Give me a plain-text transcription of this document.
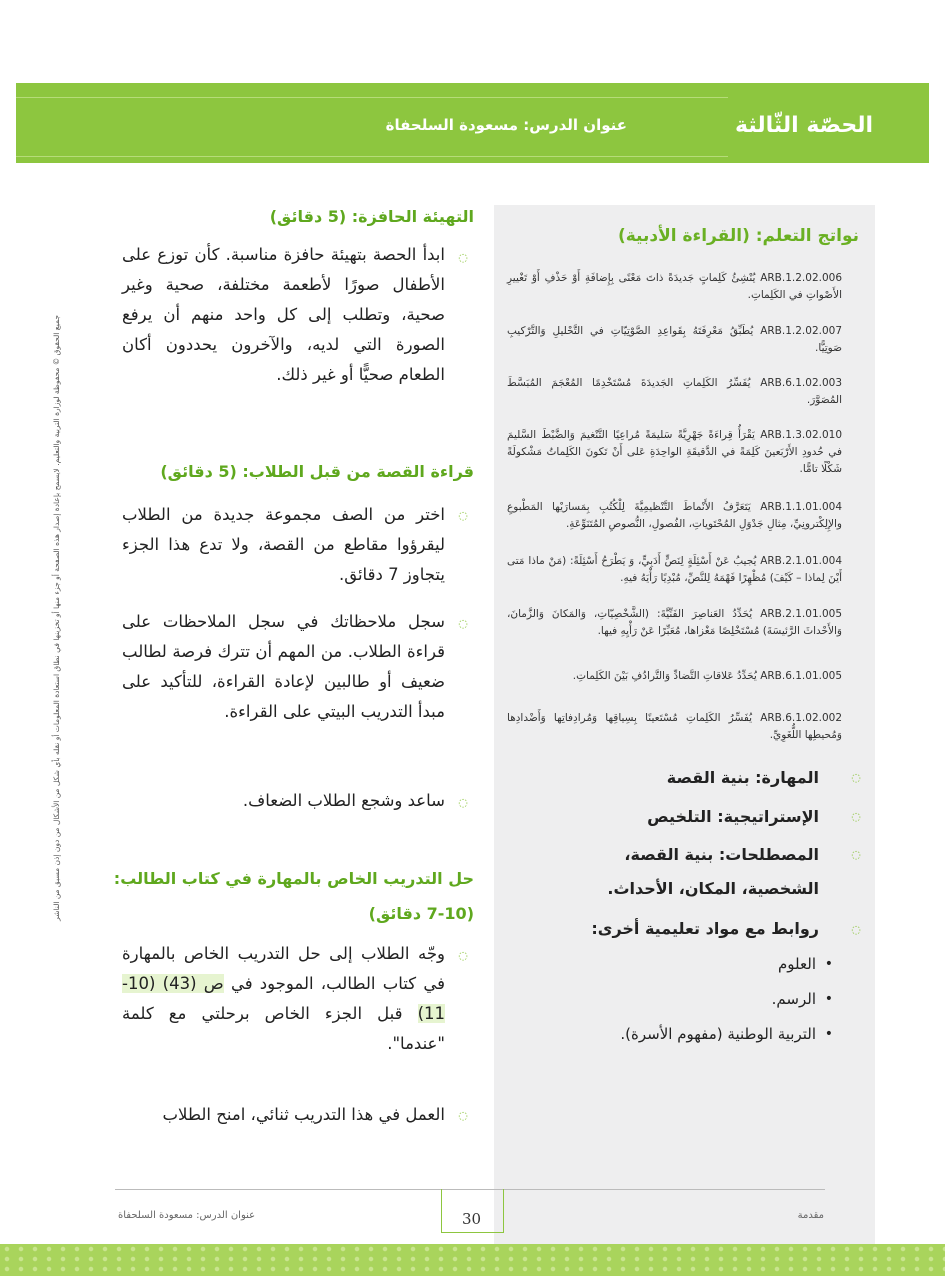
الحصّة الثّالثة
عنوان الدرس: مسعودة السلحفاة
جميع الحقوق © محفوظة لوزارة التربية والتعليم. لايسمح بإعادة إصدار هذه الصفحة أو جزء منها أو تخزينها في نطاق استعادة المعلومات أو نقله بأي شكل من الأشكال من دون إذن مسبق من الناشر
نواتج التعلم: (القراءة الأدبية)
ARB.1.2.02.006 يُنْشِئُ كَلِماتٍ جَديدَةً ذاتَ مَعْنًى بِإِضافَةِ أَوْ حَذْفِ أَوْ تَغْييرِ الأَصْواتِ في الكَلِماتِ.
ARB.1.2.02.007 يُطَبِّقُ مَعْرِفَتَهُ بِقَواعِدِ الصَّوْتِيّاتِ في التَّحْليلِ وَالتَّرْكيبِ صَوتِيًّا.
ARB.6.1.02.003 يُفَسِّرُ الكَلِماتِ الجَديدَةَ مُسْتَخْدِمًا المُعْجَمَ المُبَسَّطَ المُصَوَّرَ.
ARB.1.3.02.010 يَقْرَأُ قِراءَةً جَهْرِيَّةً سَليمَةً مُراعِيًا التَّنْغيمَ وَالضَّبْطَ السَّليمَ في حُدودِ الأَرْبَعينَ كَلِمَةً في الدَّقيقَةِ الواحِدَةِ عَلى أَنْ تَكونَ الكَلِماتُ مَشْكولَةً شَكْلًا تامًّا.
ARB.1.1.01.004 يَتَعَرَّفُ الأَنْماطَ التَّنْظيمِيَّةَ لِلْكُتُبِ بِمَسارَيْها المَطْبوعِ والإِلِكْترونِيِّ، مِثالِ جَدْوَلِ المُحْتَوياتِ، الفُصولِ، النُّصوصِ المُتَنَوِّعَةِ.
ARB.2.1.01.004 يُجيبُ عَنْ أَسْئِلَةٍ لِنَصٍّ أَدَبِيٍّ، وَ يَطْرَحُ أَسْئِلَةً: (مَنْ ماذا مَتى أَيْنَ لِماذا – كَيْفَ) مُظْهِرًا فَهْمَهُ لِلنَّصِّ، مُبْدِيًا رَأْيَهُ فيهِ.
ARB.2.1.01.005 يُحَدِّدُ العَناصِرَ الفَنِّيَّةَ: (الشَّخْصِيّاتِ، وَالمَكانَ وَالزَّمانَ، وَالأَحْداثَ الرَّئيسَةَ) مُسْتَخْلِصًا مَغْزاها، مُعَبِّرًا عَنْ رَأْيِهِ فيها.
ARB.6.1.01.005 يُحَدِّدُ عَلاقاتِ التَّضادِّ وَالتَّرادُفِ بَيْنَ الكَلِماتِ.
ARB.6.1.02.002 يُفَسِّرُ الكَلِماتِ مُسْتَعينًا بِسِياقِها وَمُرادِفاتِها وَأَضْدادِها وَمُحيطِها اللُّغَوِيِّ.
◌
المهارة: بنية القصة
◌
الإستراتيجية: التلخيص
◌
المصطلحات: بنية القصة،
الشخصية، المكان، الأحداث.
◌
روابط مع مواد تعليمية أخرى:
•
العلوم
•
الرسم.
•
التربية الوطنية (مفهوم الأسرة).
التهيئة الحافزة: (5 دقائق)
◌
ابدأ الحصة بتهيئة حافزة مناسبة. كأن توزع على الأطفال صورًا لأطعمة مختلفة، صحية وغير صحية، وتطلب إلى كل واحد منهم أن يرفع الصورة التي لديه، والآخرون يحددون أكان الطعام صحيًّا أو غير ذلك.
قراءة القصة من قبل الطلاب: (5 دقائق)
◌
اختر من الصف مجموعة جديدة من الطلاب ليقرؤوا مقاطع من القصة، ولا تدع هذا الجزء يتجاوز 7 دقائق.
◌
سجل ملاحظاتك في سجل الملاحظات على قراءة الطلاب. من المهم أن تترك فرصة لطالب ضعيف أو طالبين لإعادة القراءة، للتأكيد على مبدأ التدريب البيتي على القراءة.
◌
ساعد وشجع الطلاب الضعاف.
حل التدريب الخاص بالمهارة في كتاب الطالب:
(7-10 دقائق)
◌
وجّه الطلاب إلى حل التدريب الخاص بالمهارة في كتاب الطالب، الموجود في ص (43) (10-11) قبل الجزء الخاص برحلتي مع كلمة "عندما".
◌
العمل في هذا التدريب ثنائي، امنح الطلاب
30
عنوان الدرس: مسعودة السلحفاة	مقدمة
